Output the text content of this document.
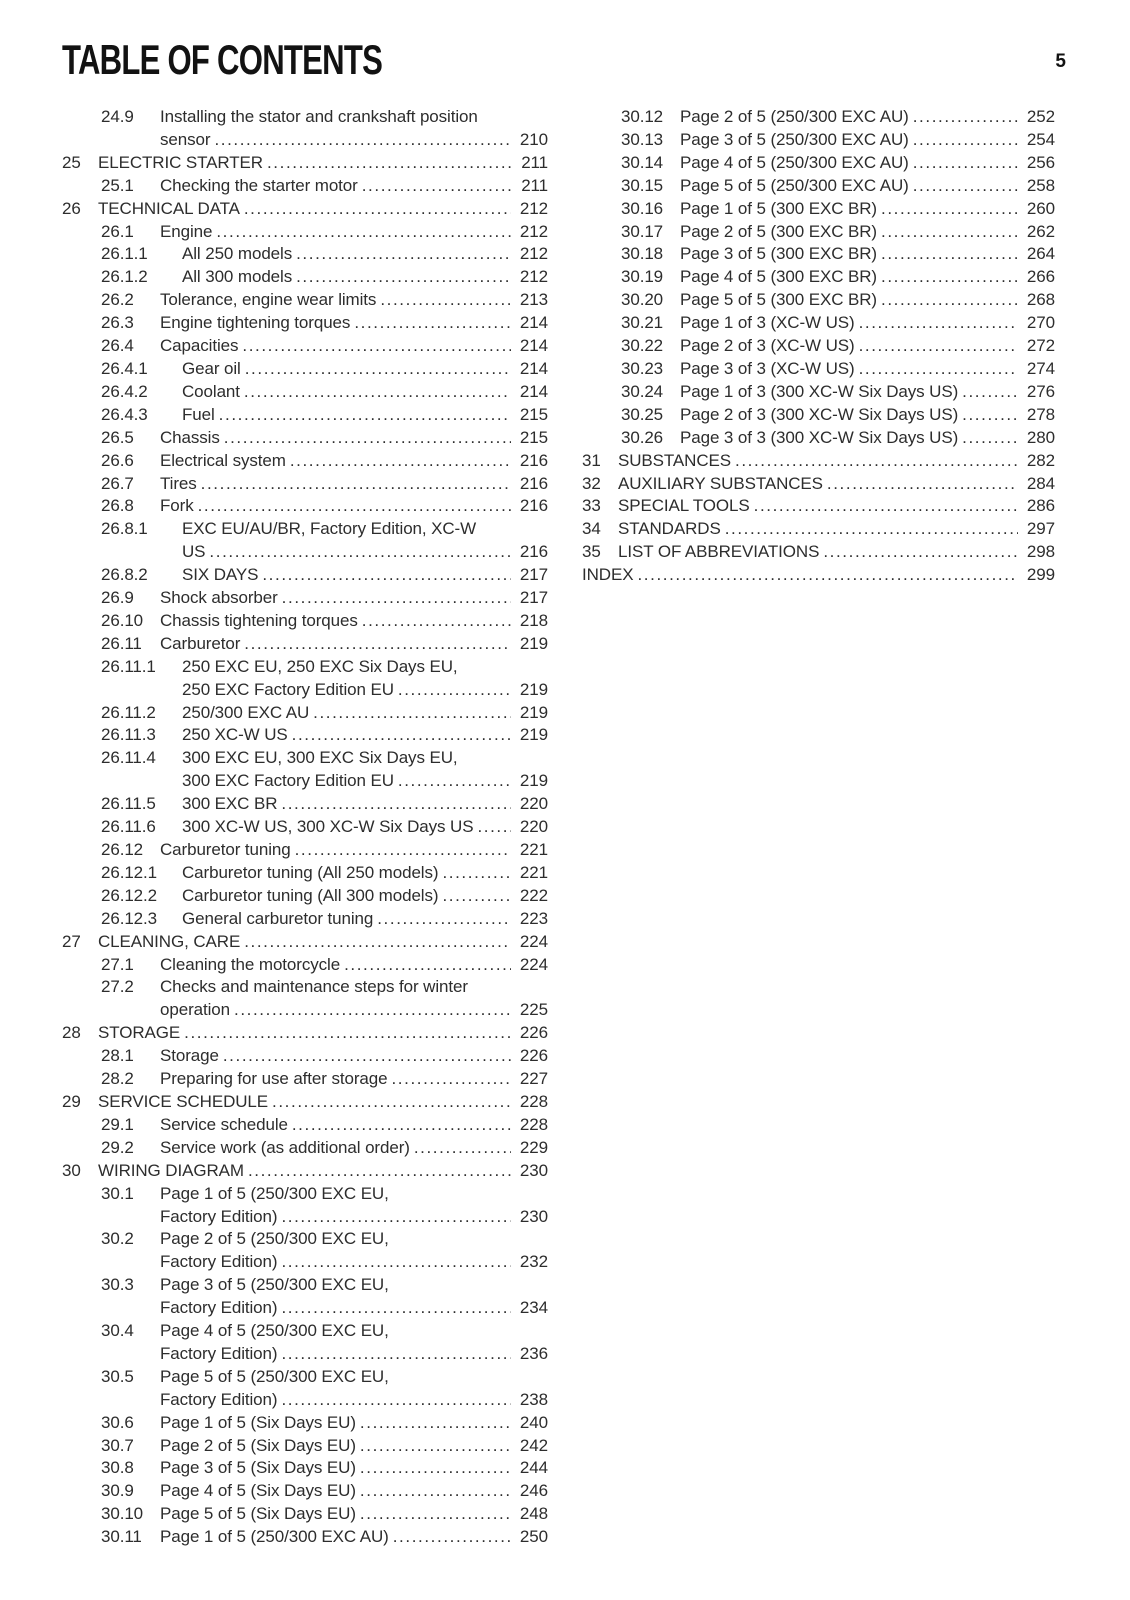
TABLE OF CONTENTS	5
24.9	Installing the stator and crankshaft position
sensor .....	210
25	ELECTRIC STARTER .....	211
25.1	Checking the starter motor .....	211
26	TECHNICAL DATA .....	212
26.1	Engine .....	212
26.1.1	All 250 models .....	212
26.1.2	All 300 models .....	212
26.2	Tolerance, engine wear limits .....	213
26.3	Engine tightening torques .....	214
26.4	Capacities .....	214
26.4.1	Gear oil .....	214
26.4.2	Coolant .....	214
26.4.3	Fuel .....	215
26.5	Chassis .....	215
26.6	Electrical system .....	216
26.7	Tires .....	216
26.8	Fork .....	216
26.8.1	EXC EU/AU/BR, Factory Edition, XC-W
US .....	216
26.8.2	SIX DAYS .....	217
26.9	Shock absorber .....	217
26.10 Chassis tightening torques .....	218
26.11	Carburetor .....	219
26.11.1	250 EXC EU, 250 EXC Six Days EU,
250 EXC Factory Edition EU .....	219
26.11.2	250/300 EXC AU .....	219
26.11.3	250 XC-W US .....	219
26.11.4	300 EXC EU, 300 EXC Six Days EU,
300 EXC Factory Edition EU .....	219
26.11.5	300 EXC BR .....	220
26.11.6	300 XC-W US, 300 XC-W Six Days US .....	220
26.12 Carburetor tuning .....	221
26.12.1	Carburetor tuning (All 250 models) .....	221
26.12.2	Carburetor tuning (All 300 models) .....	222
26.12.3	General carburetor tuning .....	223
27	CLEANING, CARE .....	224
27.1	Cleaning the motorcycle .....	224
27.2	Checks and maintenance steps for winter
operation .....	225
28	STORAGE .....	226
28.1	Storage .....	226
28.2	Preparing for use after storage .....	227
29	SERVICE SCHEDULE .....	228
29.1	Service schedule .....	228
29.2	Service work (as additional order) .....	229
30	WIRING DIAGRAM .....	230
30.1	Page 1 of 5 (250/300 EXC EU,
Factory Edition) .....	230
30.2	Page 2 of 5 (250/300 EXC EU,
Factory Edition) .....	232
30.3	Page 3 of 5 (250/300 EXC EU,
Factory Edition) .....	234
30.4	Page 4 of 5 (250/300 EXC EU,
Factory Edition) .....	236
30.5	Page 5 of 5 (250/300 EXC EU,
Factory Edition) .....	238
30.6	Page 1 of 5 (Six Days EU) .....	240
30.7	Page 2 of 5 (Six Days EU) .....	242
30.8	Page 3 of 5 (Six Days EU) .....	244
30.9	Page 4 of 5 (Six Days EU) .....	246
30.10 Page 5 of 5 (Six Days EU) .....	248
30.11	Page 1 of 5 (250/300 EXC AU) .....	250
30.12 Page 2 of 5 (250/300 EXC AU) .....	252
30.13 Page 3 of 5 (250/300 EXC AU) .....	254
30.14 Page 4 of 5 (250/300 EXC AU) .....	256
30.15 Page 5 of 5 (250/300 EXC AU) .....	258
30.16 Page 1 of 5 (300 EXC BR) .....	260
30.17 Page 2 of 5 (300 EXC BR) .....	262
30.18 Page 3 of 5 (300 EXC BR) .....	264
30.19 Page 4 of 5 (300 EXC BR) .....	266
30.20 Page 5 of 5 (300 EXC BR) .....	268
30.21 Page 1 of 3 (XC-W US) .....	270
30.22 Page 2 of 3 (XC-W US) .....	272
30.23 Page 3 of 3 (XC-W US) .....	274
30.24 Page 1 of 3 (300 XC-W Six Days US) .....	276
30.25 Page 2 of 3 (300 XC-W Six Days US) .....	278
30.26 Page 3 of 3 (300 XC-W Six Days US) .....	280
31	SUBSTANCES .....	282
32	AUXILIARY SUBSTANCES .....	284
33	SPECIAL TOOLS .....	286
34	STANDARDS .....	297
35	LIST OF ABBREVIATIONS .....	298
INDEX .....	299
